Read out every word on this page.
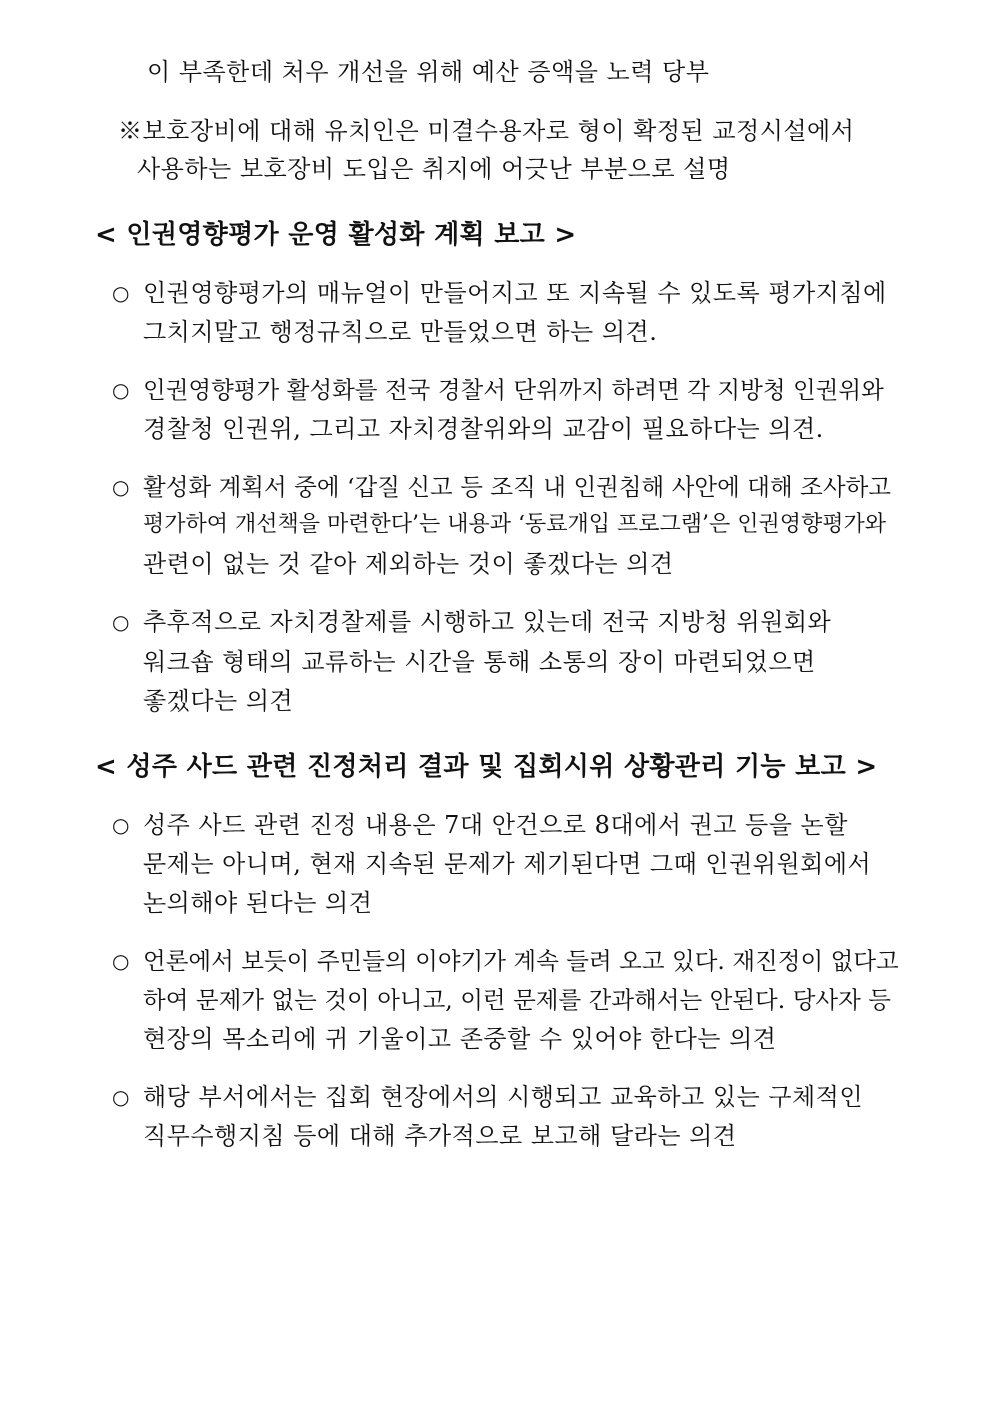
이 부족한데 처우 개선을 위해 예산 증액을 노력 당부
※보호장비에 대해 유치인은 미결수용자로 형이 확정된 교정시설에서
사용하는 보호장비 도입은 취지에 어긋난 부분으로 설명
< 인권영향평가 운영 활성화 계획 보고 >
○ 인권영향평가의 매뉴얼이 만들어지고 또 지속될 수 있도록 평가지침에
그치지말고 행정규칙으로 만들었으면 하는 의견.
○ 인권영향평가 활성화를 전국 경찰서 단위까지 하려면 각 지방청 인권위와
경찰청 인권위, 그리고 자치경찰위와의 교감이 필요하다는 의견.
○ 활성화 계획서 중에 ‘갑질 신고 등 조직 내 인권침해 사안에 대해 조사하고
평가하여 개선책을 마련한다’는 내용과 ‘동료개입 프로그램’은 인권영향평가와
관련이 없는 것 같아 제외하는 것이 좋겠다는 의견
○ 추후적으로 자치경찰제를 시행하고 있는데 전국 지방청 위원회와
워크숍 형태의 교류하는 시간을 통해 소통의 장이 마련되었으면
좋겠다는 의견
< 성주 사드 관련 진정처리 결과 및 집회시위 상황관리 기능 보고 >
○ 성주 사드 관련 진정 내용은 7대 안건으로 8대에서 권고 등을 논할
문제는 아니며, 현재 지속된 문제가 제기된다면 그때 인권위원회에서
논의해야 된다는 의견
○ 언론에서 보듯이 주민들의 이야기가 계속 들려 오고 있다. 재진정이 없다고
하여 문제가 없는 것이 아니고, 이런 문제를 간과해서는 안된다. 당사자 등
현장의 목소리에 귀 기울이고 존중할 수 있어야 한다는 의견
○ 해당 부서에서는 집회 현장에서의 시행되고 교육하고 있는 구체적인
직무수행지침 등에 대해 추가적으로 보고해 달라는 의견
